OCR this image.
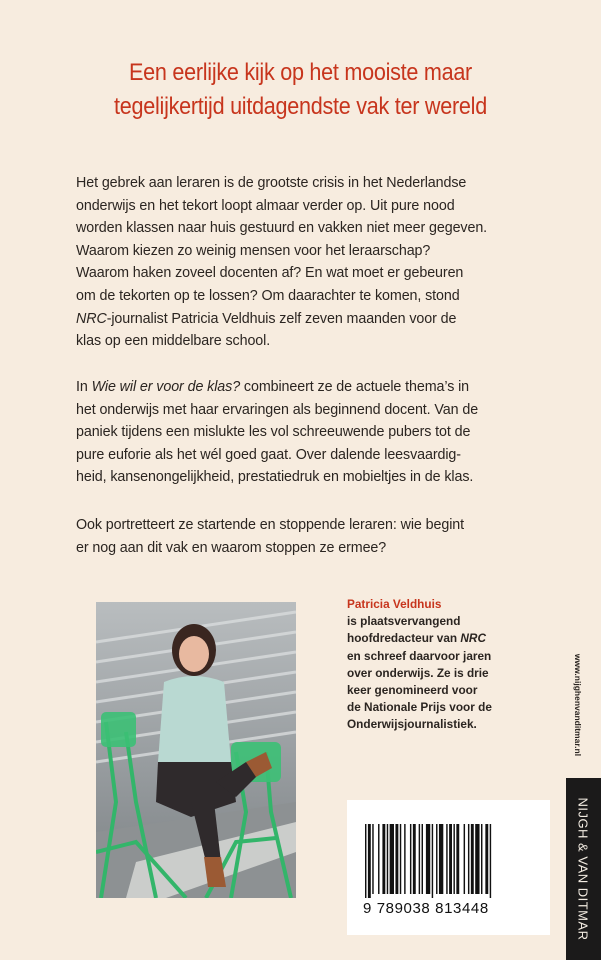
Een eerlijke kijk op het mooiste maar
tegelijkertijd uitdagendste vak ter wereld
Het gebrek aan leraren is de grootste crisis in het Nederlandse
onderwijs en het tekort loopt almaar verder op. Uit pure nood
worden klassen naar huis gestuurd en vakken niet meer gegeven.
Waarom kiezen zo weinig mensen voor het leraarschap?
Waarom haken zoveel docenten af? En wat moet er gebeuren
om de tekorten op te lossen? Om daarachter te komen, stond
NRC-journalist Patricia Veldhuis zelf zeven maanden voor de
klas op een middelbare school.
In Wie wil er voor de klas? combineert ze de actuele thema’s in
het onderwijs met haar ervaringen als beginnend docent. Van de
paniek tijdens een mislukte les vol schreeuwende pubers tot de
pure euforie als het wél goed gaat. Over dalende leesvaardig-
heid, kansenongelijkheid, prestatiedruk en mobieltjes in de klas.
Ook portretteert ze startende en stoppende leraren: wie begint
er nog aan dit vak en waarom stoppen ze ermee?
Patricia Veldhuis
is plaatsvervangend
hoofdredacteur van NRC
en schreef daarvoor jaren
over onderwijs. Ze is drie
keer genomineerd voor
de Nationale Prijs voor de
Onderwijsjournalistiek.	www.nijghenvanditmar.nl
NIJGH & VAN DITMAR
9 789038 813448
